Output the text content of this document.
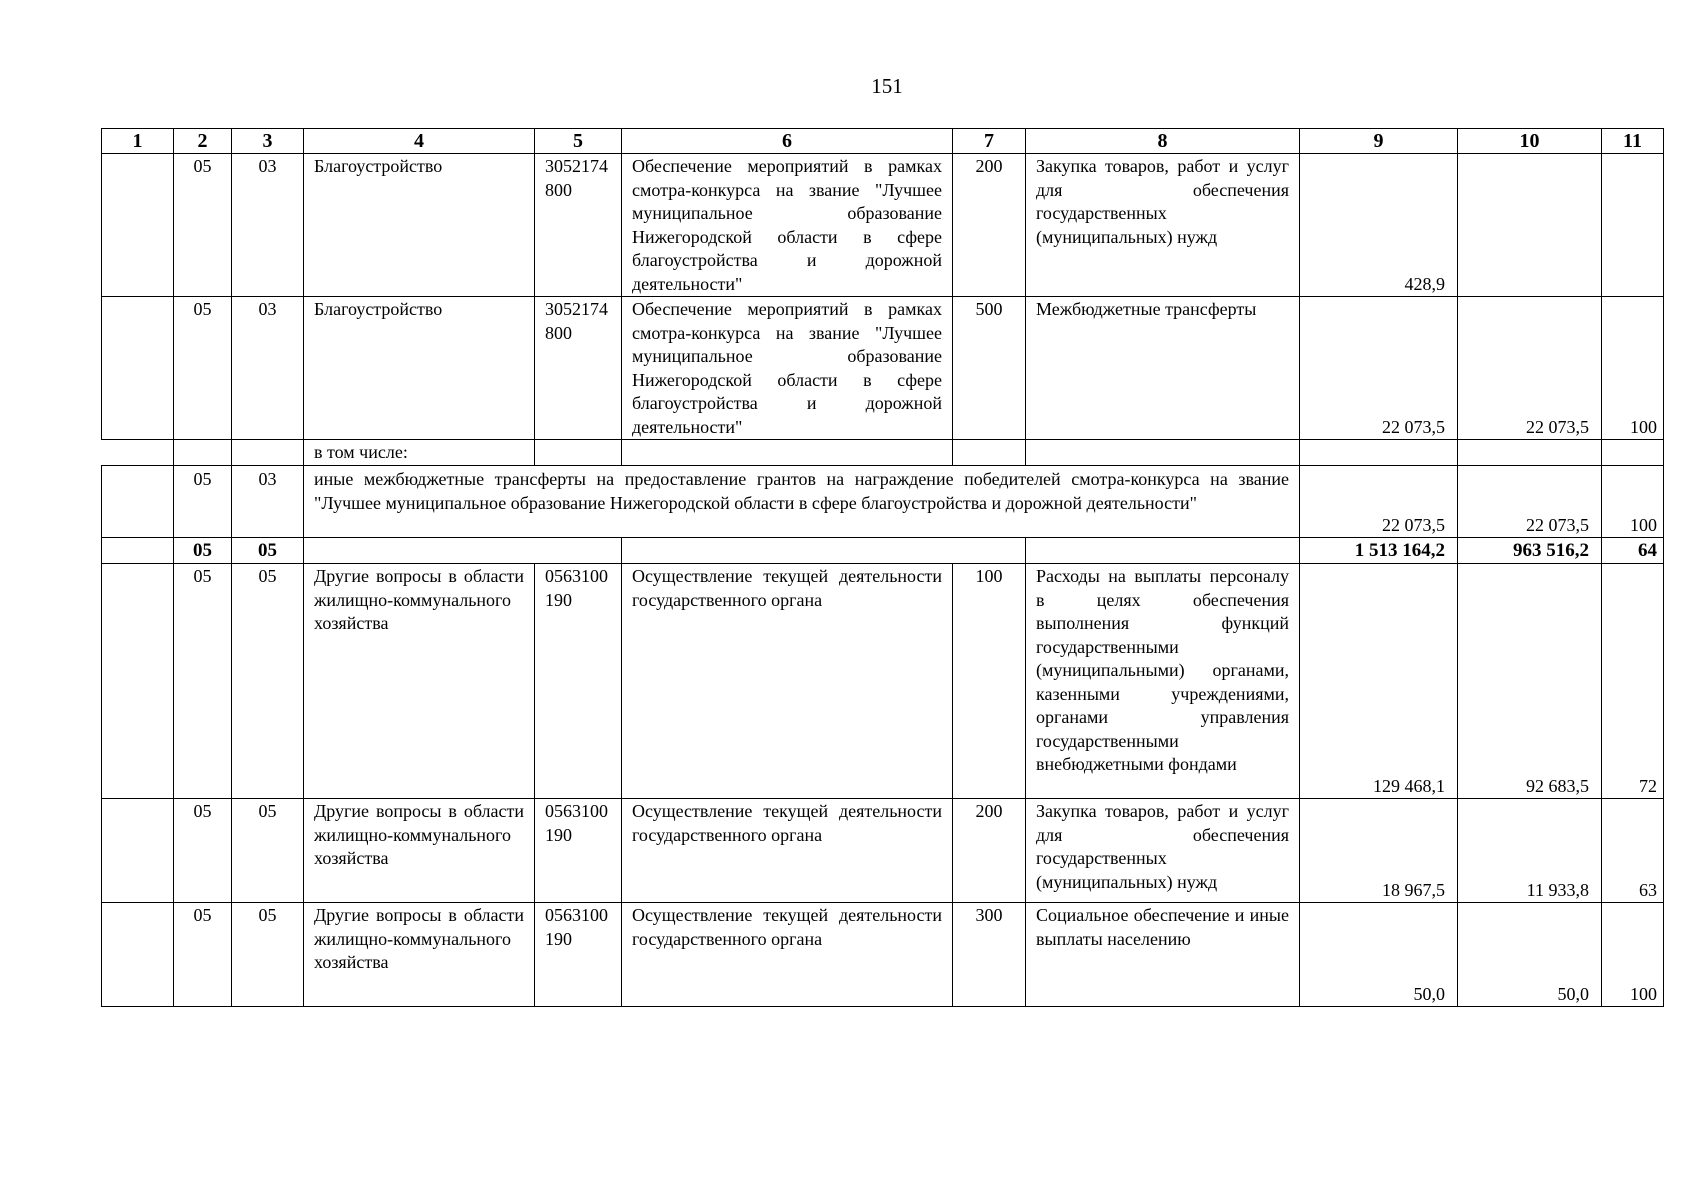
151
1	2	3	4	5	6	7	8	9	10	11
	05	03	Благоустройство	3052174800	Обеспечение мероприятий в рамках смотра-конкурса на звание "Лучшее муниципальное образование Нижегородской области в сфере благоустройства и дорожной деятельности"	200	Закупка товаров, работ и услуг для обеспечения государственных (муниципальных) нужд	428,9		
	05	03	Благоустройство	3052174800	Обеспечение мероприятий в рамках смотра-конкурса на звание "Лучшее муниципальное образование Нижегородской области в сфере благоустройства и дорожной деятельности"	500	Межбюджетные трансферты	22 073,5	22 073,5	100
			в том числе:							
	05	03	иные межбюджетные трансферты на предоставление грантов на награждение победителей смотра-конкурса на звание "Лучшее муниципальное образование Нижегородской области в сфере благоустройства и дорожной деятельности"					22 073,5	22 073,5	100
	05	05						1 513 164,2	963 516,2	64
	05	05	Другие вопросы в области жилищно-коммунального хозяйства	0563100190	Осуществление текущей деятельности государственного органа	100	Расходы на выплаты персоналу в целях обеспечения выполнения функций государственными (муниципальными) органами, казенными учреждениями, органами управления государственными внебюджетными фондами	129 468,1	92 683,5	72
	05	05	Другие вопросы в области жилищно-коммунального хозяйства	0563100190	Осуществление текущей деятельности государственного органа	200	Закупка товаров, работ и услуг для обеспечения государственных (муниципальных) нужд	18 967,5	11 933,8	63
	05	05	Другие вопросы в области жилищно-коммунального хозяйства	0563100190	Осуществление текущей деятельности государственного органа	300	Социальное обеспечение и иные выплаты населению	50,0	50,0	100
